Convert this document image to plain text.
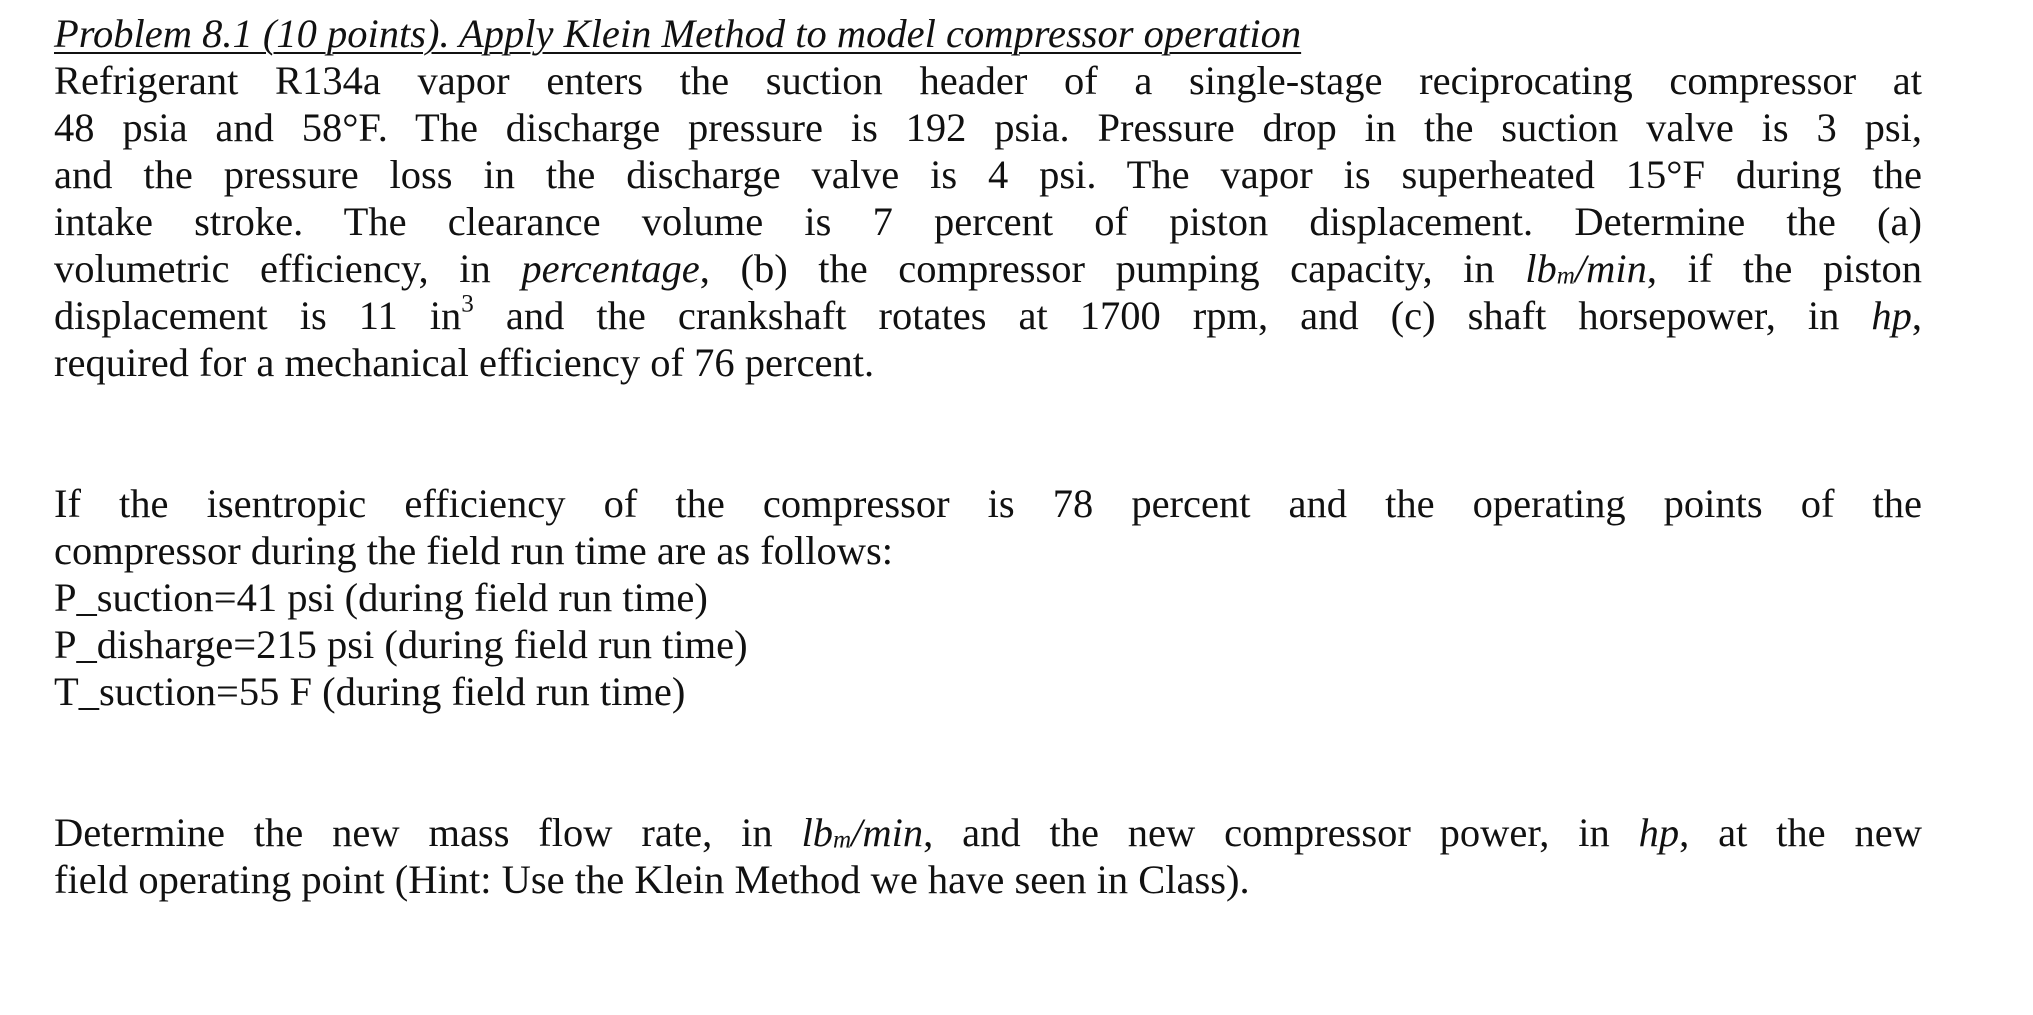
Problem 8.1 (10 points). Apply Klein Method to model compressor operation
Refrigerant R134a vapor enters the suction header of a single-stage reciprocating compressor at
48 psia and 58°F. The discharge pressure is 192 psia. Pressure drop in the suction valve is 3 psi,
and the pressure loss in the discharge valve is 4 psi. The vapor is superheated 15°F during the
intake stroke. The clearance volume is 7 percent of piston displacement. Determine the (a)
volumetric efficiency, in percentage, (b) the compressor pumping capacity, in $lb_m/\min$, if the piston
displacement is 11 $in^3$ and the crankshaft rotates at 1700 rpm, and (c) shaft horsepower, in hp,
required for a mechanical efficiency of 76 percent.
If the isentropic efficiency of the compressor is 78 percent and the operating points of the
compressor during the field run time are as follows:
P_suction=41 psi (during field run time)
P_disharge=215 psi (during field run time)
T_suction=55 F (during field run time)
Determine the new mass flow rate, in $lb_m/\min$, and the new compressor power, in hp, at the new
field operating point (Hint: Use the Klein Method we have seen in Class).
